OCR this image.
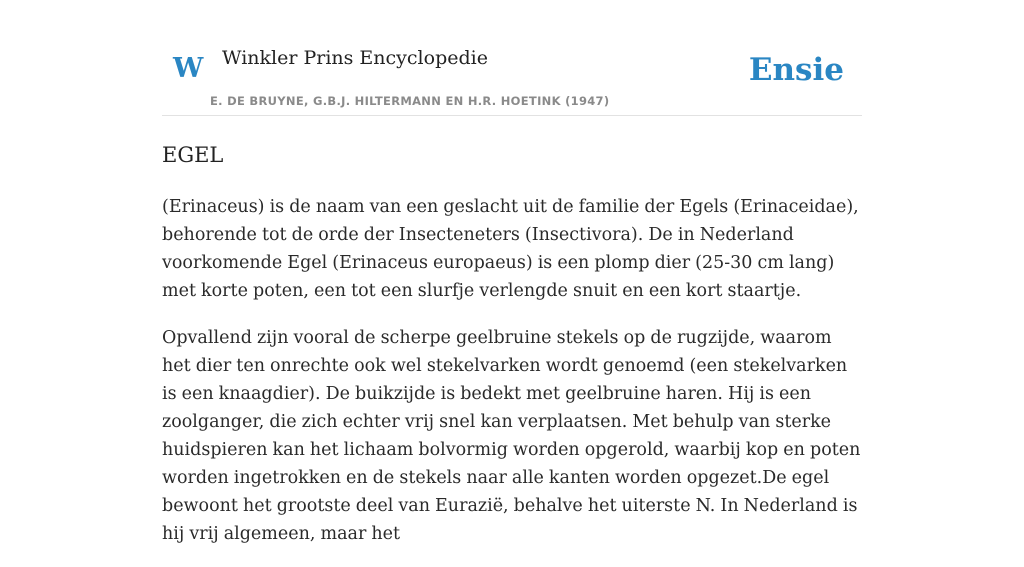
W Winkler Prins Encyclopedie
E. DE BRUYNE, G.B.J. HILTERMANN EN H.R. HOETINK (1947)
Ensie
EGEL

(Erinaceus) is de naam van een geslacht uit de familie der Egels (Erinaceidae), behorende tot de orde der Insecteneters (Insectivora). De in Nederland voorkomende Egel (Erinaceus europaeus) is een plomp dier (25-30 cm lang) met korte poten, een tot een slurfje verlengde snuit en een kort staartje.

Opvallend zijn vooral de scherpe geelbruine stekels op de rugzijde, waarom het dier ten onrechte ook wel stekelvarken wordt genoemd (een stekelvarken is een knaagdier). De buikzijde is bedekt met geelbruine haren. Hij is een zoolganger, die zich echter vrij snel kan verplaatsen. Met behulp van sterke huidspieren kan het lichaam bolvormig worden opgerold, waarbij kop en poten worden ingetrokken en de stekels naar alle kanten worden opgezet.De egel bewoont het grootste deel van Eurazië, behalve het uiterste N. In Nederland is hij vrij algemeen, maar het
